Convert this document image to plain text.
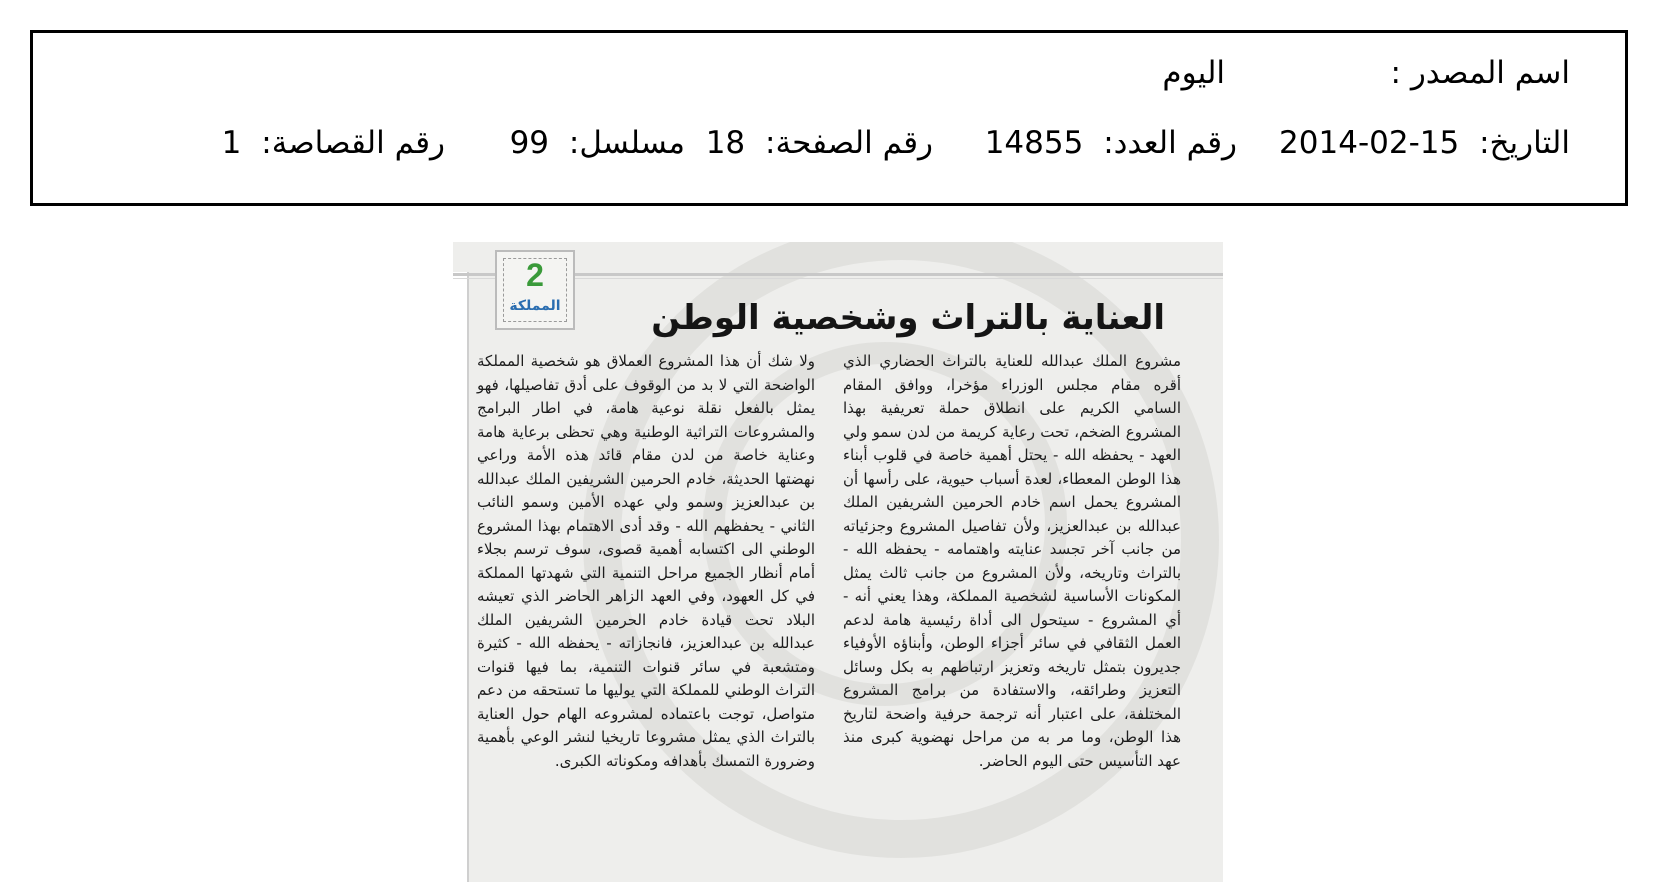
اسم المصدر :
اليوم
التاريخ: 2014-02-15
رقم العدد: 14855
رقم الصفحة: 18
مسلسل: 99
رقم القصاصة: 1
2
المملكة	العناية بالتراث وشخصية الوطن
مشروع الملك عبدالله للعناية بالتراث الحضاري الذي أقره مقام مجلس الوزراء مؤخرا، ووافق المقام السامي الكريم على انطلاق حملة تعريفية بهذا المشروع الضخم، تحت رعاية كريمة من لدن سمو ولي العهد - يحفظه الله - يحتل أهمية خاصة في قلوب أبناء هذا الوطن المعطاء، لعدة أسباب حيوية، على رأسها أن المشروع يحمل اسم خادم الحرمين الشريفين الملك عبدالله بن عبدالعزيز، ولأن تفاصيل المشروع وجزئياته من جانب آخر تجسد عنايته واهتمامه - يحفظه الله - بالتراث وتاريخه، ولأن المشروع من جانب ثالث يمثل المكونات الأساسية لشخصية المملكة، وهذا يعني أنه - أي المشروع - سيتحول الى أداة رئيسية هامة لدعم العمل الثقافي في سائر أجزاء الوطن، وأبناؤه الأوفياء جديرون بتمثل تاريخه وتعزيز ارتباطهم به بكل وسائل التعزيز وطرائقه، والاستفادة من برامج المشروع المختلفة، على اعتبار أنه ترجمة حرفية واضحة لتاريخ هذا الوطن، وما مر به من مراحل نهضوية كبرى منذ عهد التأسيس حتى اليوم الحاضر.
ولا شك أن هذا المشروع العملاق هو شخصية المملكة الواضحة التي لا بد من الوقوف على أدق تفاصيلها، فهو يمثل بالفعل نقلة نوعية هامة، في اطار البرامج والمشروعات التراثية الوطنية وهي تحظى برعاية هامة وعناية خاصة من لدن مقام قائد هذه الأمة وراعي نهضتها الحديثة، خادم الحرمين الشريفين الملك عبدالله بن عبدالعزيز وسمو ولي عهده الأمين وسمو النائب الثاني - يحفظهم الله - وقد أدى الاهتمام بهذا المشروع الوطني الى اكتسابه أهمية قصوى، سوف ترسم بجلاء أمام أنظار الجميع مراحل التنمية التي شهدتها المملكة في كل العهود، وفي العهد الزاهر الحاضر الذي تعيشه البلاد تحت قيادة خادم الحرمين الشريفين الملك عبدالله بن عبدالعزيز، فانجازاته - يحفظه الله - كثيرة ومتشعبة في سائر قنوات التنمية، بما فيها قنوات التراث الوطني للمملكة التي يوليها ما تستحقه من دعم متواصل، توجت باعتماده لمشروعه الهام حول العناية بالتراث الذي يمثل مشروعا تاريخيا لنشر الوعي بأهمية وضرورة التمسك بأهدافه ومكوناته الكبرى.
